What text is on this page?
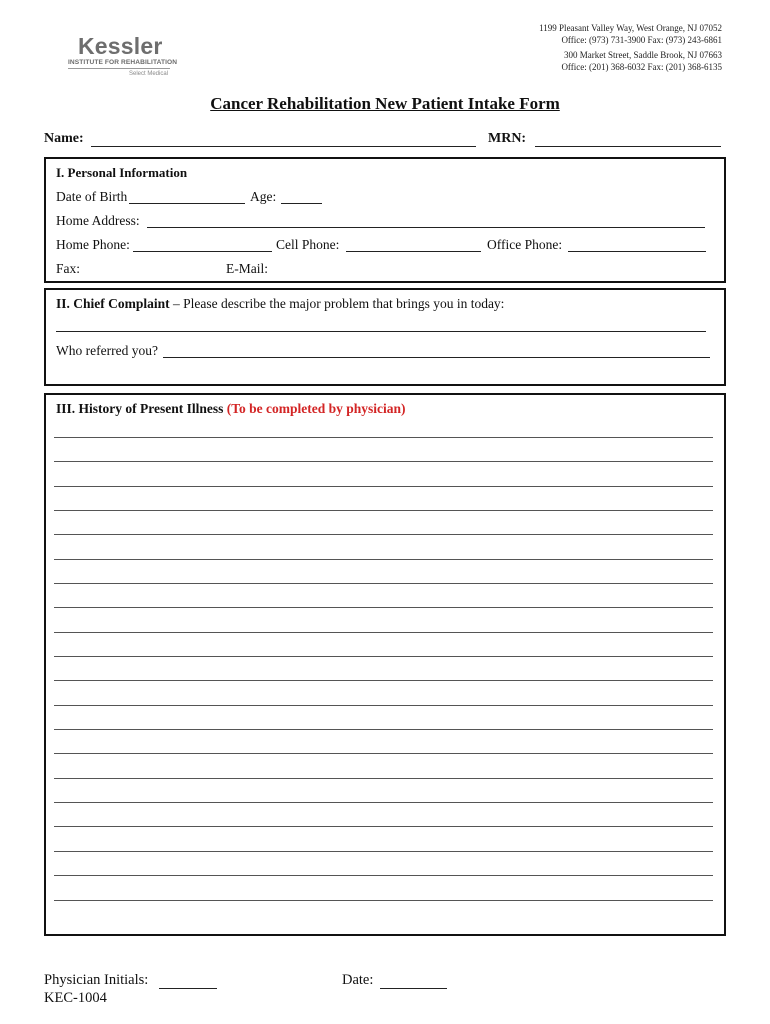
Kessler
INSTITUTE FOR REHABILITATION
Select Medical
1199 Pleasant Valley Way, West Orange, NJ 07052
Office: (973) 731-3900 Fax: (973) 243-6861
300 Market Street, Saddle Brook, NJ 07663
Office: (201) 368-6032 Fax: (201) 368-6135
Cancer Rehabilitation New Patient Intake Form
Name:	MRN:
I. Personal Information
Date of Birth	Age:
Home Address:
Home Phone:	Cell Phone:	Office Phone:
Fax:	E-Mail:
II. Chief Complaint – Please describe the major problem that brings you in today:
Who referred you?
III. History of Present Illness (To be completed by physician)
Physician Initials:	Date:
KEC-1004
